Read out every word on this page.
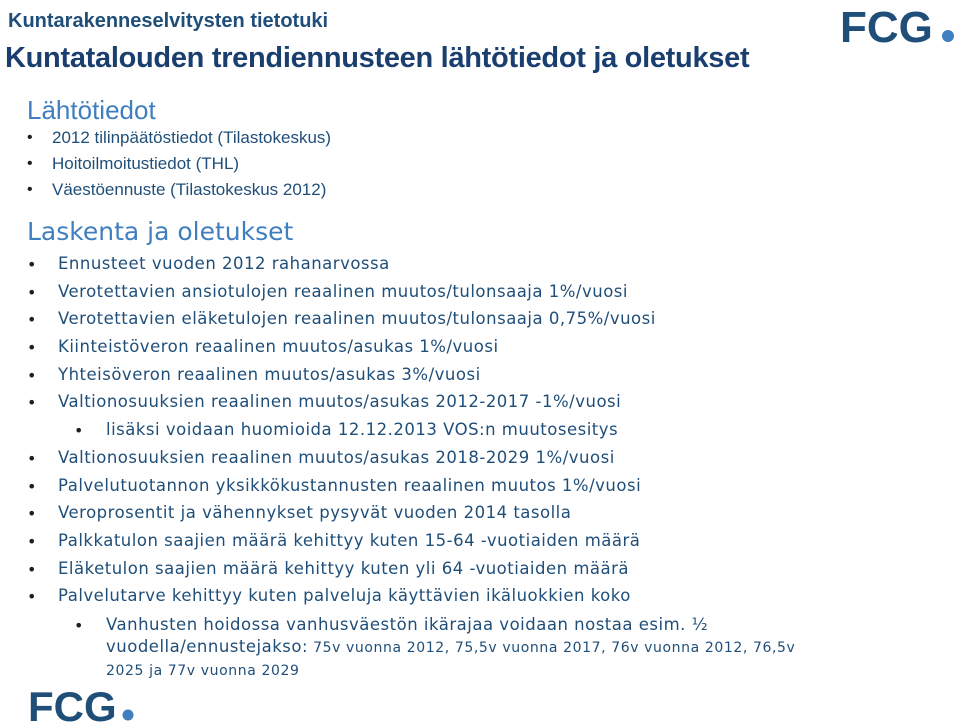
Kuntarakenneselvitysten tietotuki
Kuntatalouden trendiennusteen lähtötiedot ja oletukset
FCG
Lähtötiedot
• 2012 tilinpäätöstiedot (Tilastokeskus)
• Hoitoilmoitustiedot (THL)
• Väestöennuste (Tilastokeskus 2012)
Laskenta ja oletukset
• Ennusteet vuoden 2012 rahanarvossa
• Verotettavien ansiotulojen reaalinen muutos/tulonsaaja 1%/vuosi
• Verotettavien eläketulojen reaalinen muutos/tulonsaaja 0,75%/vuosi
• Kiinteistöveron reaalinen muutos/asukas 1%/vuosi
• Yhteisöveron reaalinen muutos/asukas 3%/vuosi
• Valtionosuuksien reaalinen muutos/asukas 2012-2017 -1%/vuosi
• lisäksi voidaan huomioida 12.12.2013 VOS:n muutosesitys
• Valtionosuuksien reaalinen muutos/asukas 2018-2029 1%/vuosi
• Palvelutuotannon yksikkökustannusten reaalinen muutos 1%/vuosi
• Veroprosentit ja vähennykset pysyvät vuoden 2014 tasolla
• Palkkatulon saajien määrä kehittyy kuten 15-64 -vuotiaiden määrä
• Eläketulon saajien määrä kehittyy kuten yli 64 -vuotiaiden määrä
• Palvelutarve kehittyy kuten palveluja käyttävien ikäluokkien koko
• Vanhusten hoidossa vanhusväestön ikärajaa voidaan nostaa esim. ½
vuodella/ennustejakso: 75v vuonna 2012, 75,5v vuonna 2017, 76v vuonna 2012, 76,5v
2025 ja 77v vuonna 2029
FCG
